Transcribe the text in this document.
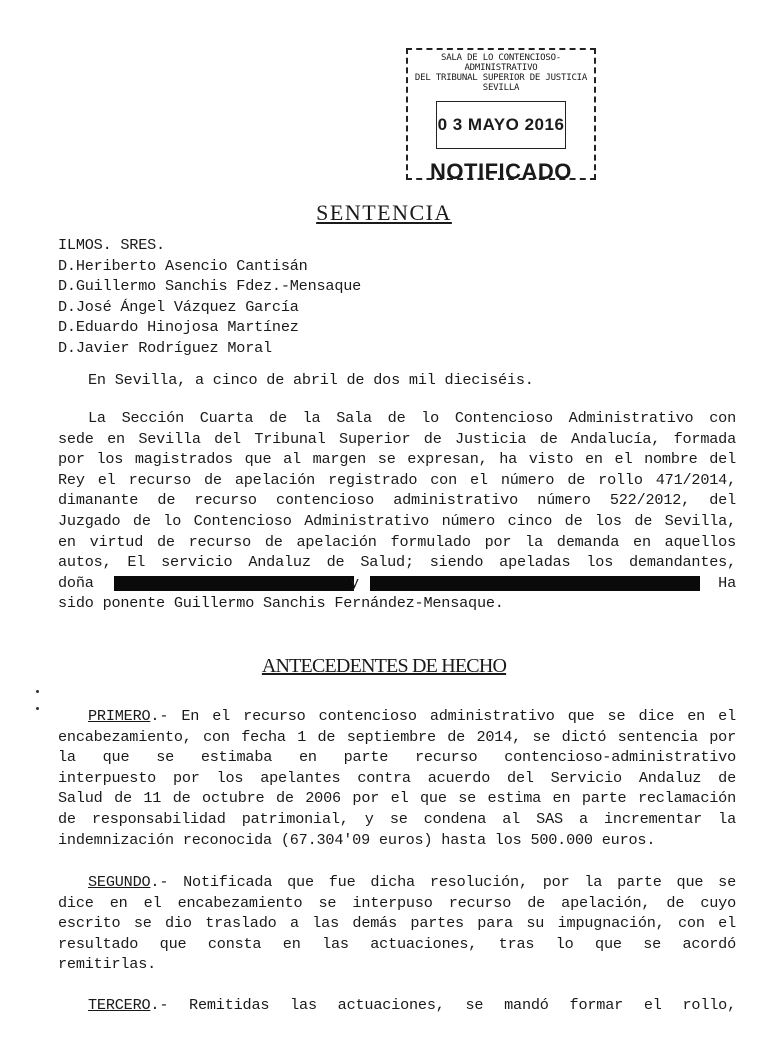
SALA DE LO CONTENCIOSO-ADMINISTRATIVO
DEL TRIBUNAL SUPERIOR DE JUSTICIA
SEVILLA
0 3 MAYO 2016
NOTIFICADO
SENTENCIA
ILMOS. SRES.
D.Heriberto Asencio Cantisán
D.Guillermo Sanchis Fdez.-Mensaque
D.José Ángel Vázquez García
D.Eduardo Hinojosa Martínez
D.Javier Rodríguez Moral
En Sevilla, a cinco de abril de dos mil dieciséis.
La Sección Cuarta de la Sala de lo Contencioso Administrativo con
sede en Sevilla del Tribunal Superior de Justicia de Andalucía, formada
por los magistrados que al margen se expresan, ha visto en el nombre del
Rey el recurso de apelación registrado con el número de rollo 471/2014,
dimanante de recurso contencioso administrativo número 522/2012, del
Juzgado de lo Contencioso Administrativo número cinco de los de Sevilla,
en virtud de recurso de apelación formulado por la demanda en aquellos
autos, El servicio Andaluz de Salud; siendo apeladas los demandantes,
doña	y	Ha
sido ponente Guillermo Sanchis Fernández-Mensaque.
ANTECEDENTES DE HECHO
PRIMERO.- En el recurso contencioso administrativo que se dice en el
encabezamiento, con fecha 1 de septiembre de 2014, se dictó sentencia por
la que se estimaba en parte recurso contencioso-administrativo
interpuesto por los apelantes contra acuerdo del Servicio Andaluz de
Salud de 11 de octubre de 2006 por el que se estima en parte reclamación
de responsabilidad patrimonial, y se condena al SAS a incrementar la
indemnización reconocida (67.304'09 euros) hasta los 500.000 euros.
SEGUNDO.- Notificada que fue dicha resolución, por la parte que se
dice en el encabezamiento se interpuso recurso de apelación, de cuyo
escrito se dio traslado a las demás partes para su impugnación, con el
resultado que consta en las actuaciones, tras lo que se acordó
remitirlas.
TERCERO.- Remitidas las actuaciones, se mandó formar el rollo,
